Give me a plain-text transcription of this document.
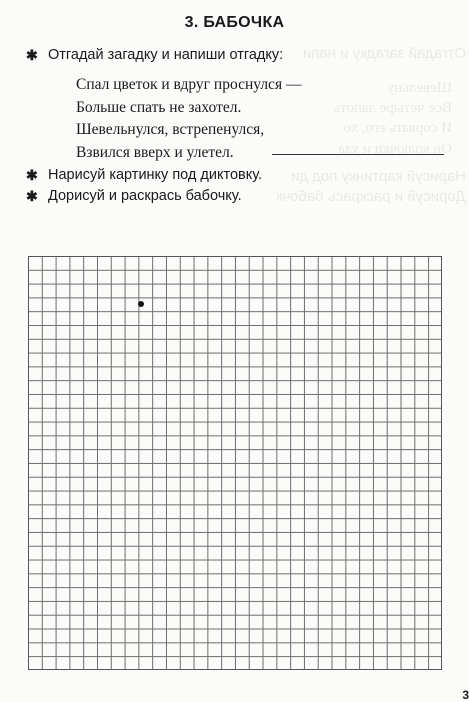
Отгадай загадку и напи
Шевельну
Все четыре лапоть
И сорвать его, хо
Он колючки и уда
Нарисуй картинку под ди
Дорисуй и раскрась бабочк
3. БАБОЧКА
✱ Отгадай загадку и напиши отгадку:
Спал цветок и вдруг проснулся —
Больше спать не захотел.
Шевельнулся, встрепенулся,
Взвился вверх и улетел.
✱ Нарисуй картинку под диктовку.
✱ Дорисуй и раскрась бабочку.
3
